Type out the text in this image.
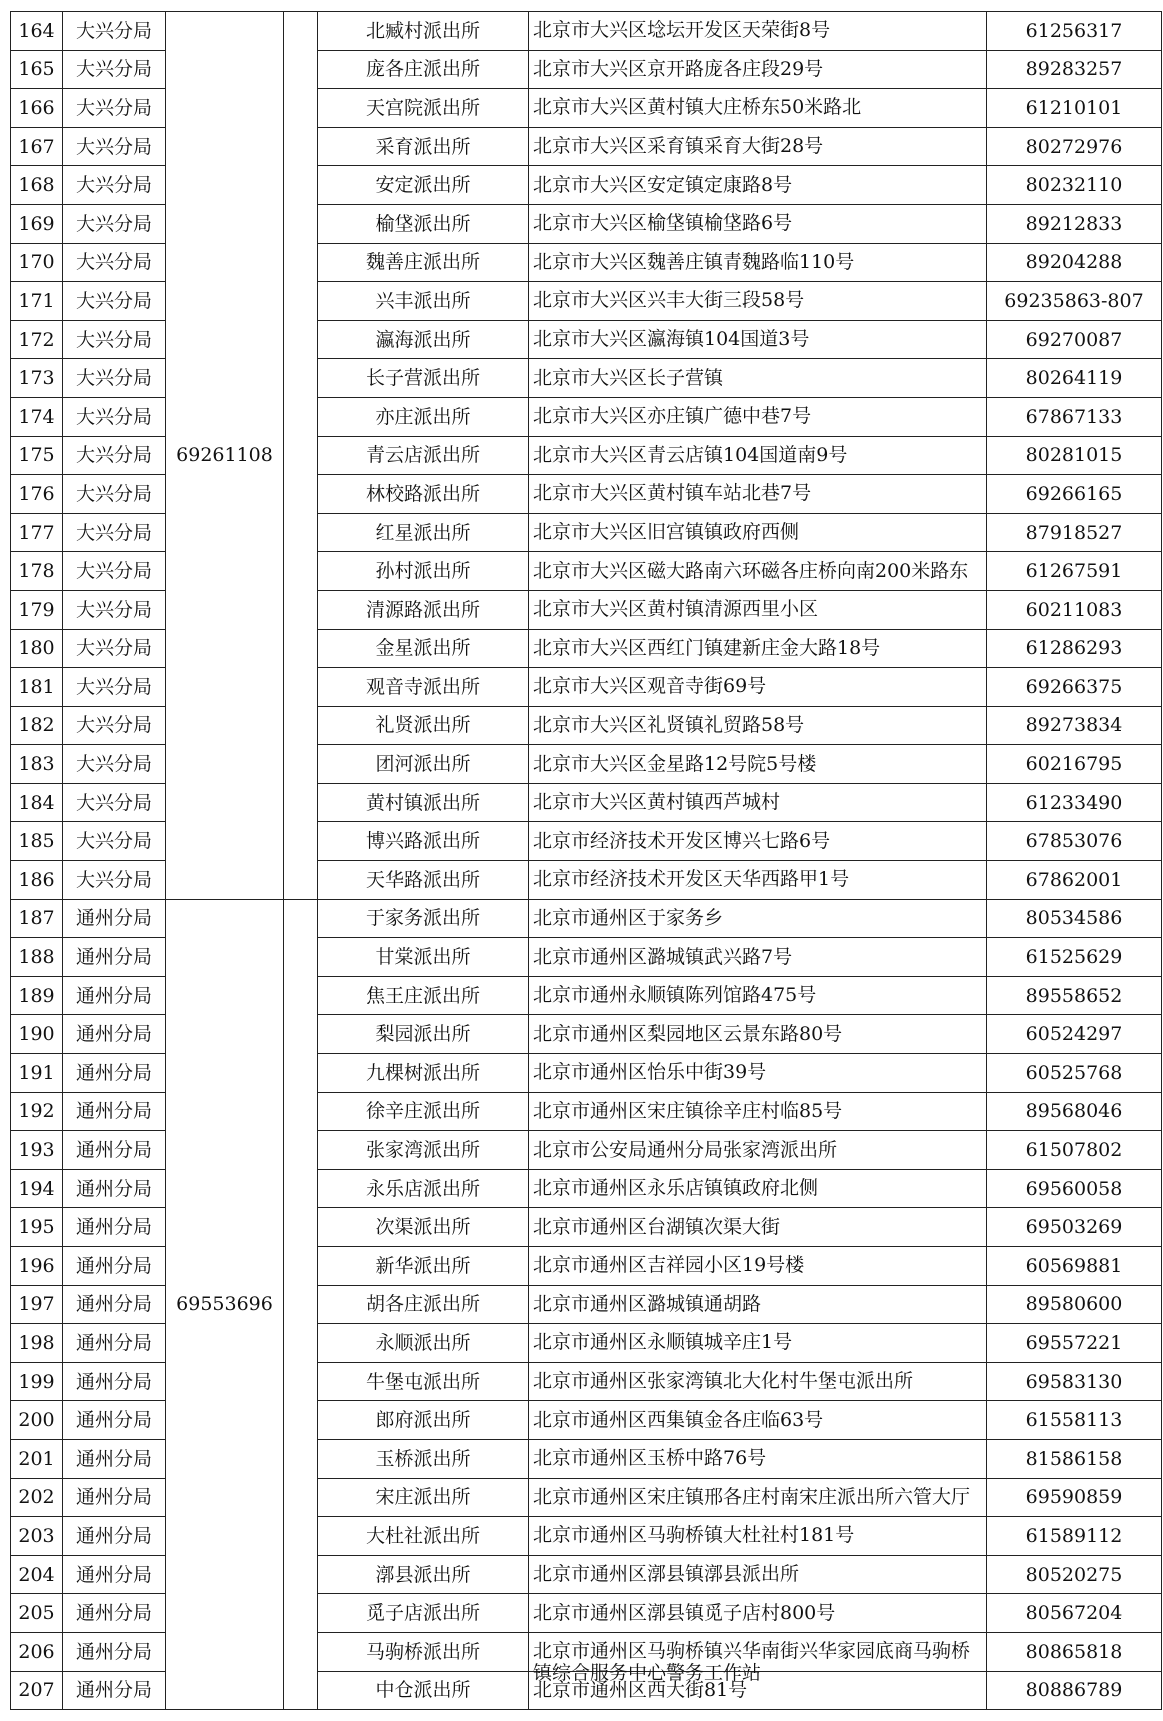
164	大兴分局	69261108		北臧村派出所	北京市大兴区埝坛开发区天荣街8号	61256317
165	大兴分局			庞各庄派出所	北京市大兴区京开路庞各庄段29号	89283257
166	大兴分局			天宫院派出所	北京市大兴区黄村镇大庄桥东50米路北	61210101
167	大兴分局			采育派出所	北京市大兴区采育镇采育大街28号	80272976
168	大兴分局			安定派出所	北京市大兴区安定镇定康路8号	80232110
169	大兴分局			榆垡派出所	北京市大兴区榆垡镇榆垡路6号	89212833
170	大兴分局			魏善庄派出所	北京市大兴区魏善庄镇青魏路临110号	89204288
171	大兴分局			兴丰派出所	北京市大兴区兴丰大街三段58号	69235863-807
172	大兴分局			瀛海派出所	北京市大兴区瀛海镇104国道3号	69270087
173	大兴分局			长子营派出所	北京市大兴区长子营镇	80264119
174	大兴分局			亦庄派出所	北京市大兴区亦庄镇广德中巷7号	67867133
175	大兴分局			青云店派出所	北京市大兴区青云店镇104国道南9号	80281015
176	大兴分局			林校路派出所	北京市大兴区黄村镇车站北巷7号	69266165
177	大兴分局			红星派出所	北京市大兴区旧宫镇镇政府西侧	87918527
178	大兴分局			孙村派出所	北京市大兴区磁大路南六环磁各庄桥向南200米路东	61267591
179	大兴分局			清源路派出所	北京市大兴区黄村镇清源西里小区	60211083
180	大兴分局			金星派出所	北京市大兴区西红门镇建新庄金大路18号	61286293
181	大兴分局			观音寺派出所	北京市大兴区观音寺街69号	69266375
182	大兴分局			礼贤派出所	北京市大兴区礼贤镇礼贸路58号	89273834
183	大兴分局			团河派出所	北京市大兴区金星路12号院5号楼	60216795
184	大兴分局			黄村镇派出所	北京市大兴区黄村镇西芦城村	61233490
185	大兴分局			博兴路派出所	北京市经济技术开发区博兴七路6号	67853076
186	大兴分局			天华路派出所	北京市经济技术开发区天华西路甲1号	67862001
187	通州分局	69553696		于家务派出所	北京市通州区于家务乡	80534586
188	通州分局			甘棠派出所	北京市通州区潞城镇武兴路7号	61525629
189	通州分局			焦王庄派出所	北京市通州永顺镇陈列馆路475号	89558652
190	通州分局			梨园派出所	北京市通州区梨园地区云景东路80号	60524297
191	通州分局			九棵树派出所	北京市通州区怡乐中街39号	60525768
192	通州分局			徐辛庄派出所	北京市通州区宋庄镇徐辛庄村临85号	89568046
193	通州分局			张家湾派出所	北京市公安局通州分局张家湾派出所	61507802
194	通州分局			永乐店派出所	北京市通州区永乐店镇镇政府北侧	69560058
195	通州分局			次渠派出所	北京市通州区台湖镇次渠大街	69503269
196	通州分局			新华派出所	北京市通州区吉祥园小区19号楼	60569881
197	通州分局			胡各庄派出所	北京市通州区潞城镇通胡路	89580600
198	通州分局			永顺派出所	北京市通州区永顺镇城辛庄1号	69557221
199	通州分局			牛堡屯派出所	北京市通州区张家湾镇北大化村牛堡屯派出所	69583130
200	通州分局			郎府派出所	北京市通州区西集镇金各庄临63号	61558113
201	通州分局			玉桥派出所	北京市通州区玉桥中路76号	81586158
202	通州分局			宋庄派出所	北京市通州区宋庄镇邢各庄村南宋庄派出所六管大厅	69590859
203	通州分局			大杜社派出所	北京市通州区马驹桥镇大杜社村181号	61589112
204	通州分局			漷县派出所	北京市通州区漷县镇漷县派出所	80520275
205	通州分局			觅子店派出所	北京市通州区漷县镇觅子店村800号	80567204
206	通州分局			马驹桥派出所	北京市通州区马驹桥镇兴华南街兴华家园底商马驹桥镇综合服务中心警务工作站	80865818
207	通州分局			中仓派出所	北京市通州区西大街81号	80886789
